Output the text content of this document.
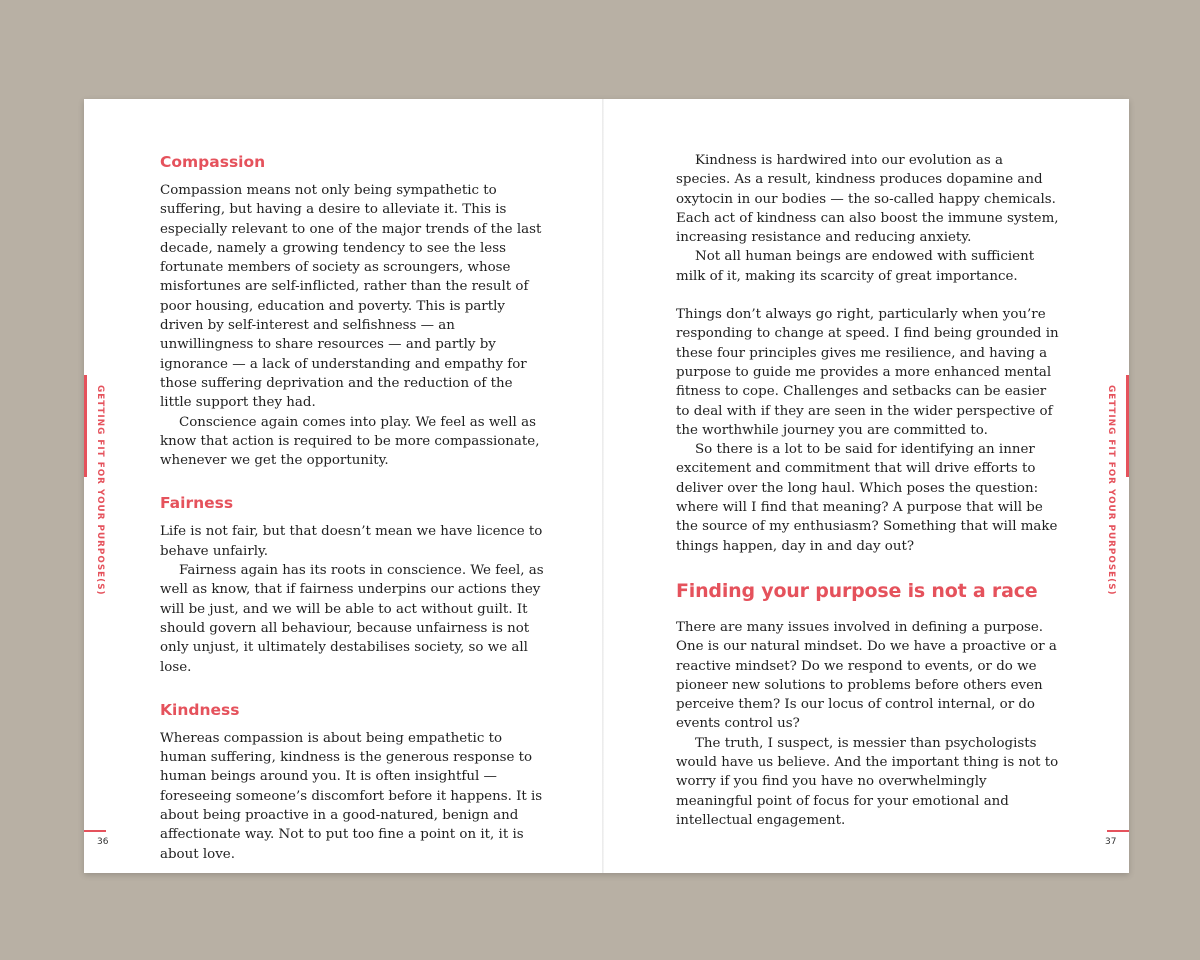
GETTING FIT FOR YOUR PURPOSE(S)
Compassion

Compassion means not only being sympathetic to suffering, but having a desire to alleviate it. This is especially relevant to one of the major trends of the last decade, namely a growing tendency to see the less fortunate members of society as scroungers, whose misfortunes are self-inflicted, rather than the result of poor housing, education and poverty. This is partly driven by self-interest and selfishness — an unwillingness to share resources — and partly by ignorance — a lack of understanding and empathy for those suffering deprivation and the reduction of the little support they had.

Conscience again comes into play. We feel as well as know that action is required to be more compassionate, whenever we get the opportunity.

Fairness

Life is not fair, but that doesn’t mean we have licence to behave unfairly.

Fairness again has its roots in conscience. We feel, as well as know, that if fairness underpins our actions they will be just, and we will be able to act without guilt. It should govern all behaviour, because unfairness is not only unjust, it ultimately destabilises society, so we all lose.

Kindness

Whereas compassion is about being empathetic to human suffering, kindness is the generous response to human beings around you. It is often insightful — foreseeing someone’s discomfort before it happens. It is about being proactive in a good-natured, benign and affectionate way. Not to put too fine a point on it, it is about love.

36

Kindness is hardwired into our evolution as a species. As a result, kindness produces dopamine and oxytocin in our bodies — the so-called happy chemicals. Each act of kindness can also boost the immune system, increasing resistance and reducing anxiety.

Not all human beings are endowed with sufficient milk of it, making its scarcity of great importance.

Things don’t always go right, particularly when you’re responding to change at speed. I find being grounded in these four principles gives me resilience, and having a purpose to guide me provides a more enhanced mental fitness to cope. Challenges and setbacks can be easier to deal with if they are seen in the wider perspective of the worthwhile journey you are committed to.

So there is a lot to be said for identifying an inner excitement and commitment that will drive efforts to deliver over the long haul. Which poses the question: where will I find that meaning? A purpose that will be the source of my enthusiasm? Something that will make things happen, day in and day out?

Finding your purpose is not a race

There are many issues involved in defining a purpose. One is our natural mindset. Do we have a proactive or a reactive mindset? Do we respond to events, or do we pioneer new solutions to problems before others even perceive them? Is our locus of control internal, or do events control us?

The truth, I suspect, is messier than psychologists would have us believe. And the important thing is not to worry if you find you have no overwhelmingly meaningful point of focus for your emotional and intellectual engagement.

GETTING FIT FOR YOUR PURPOSE(S)
37
